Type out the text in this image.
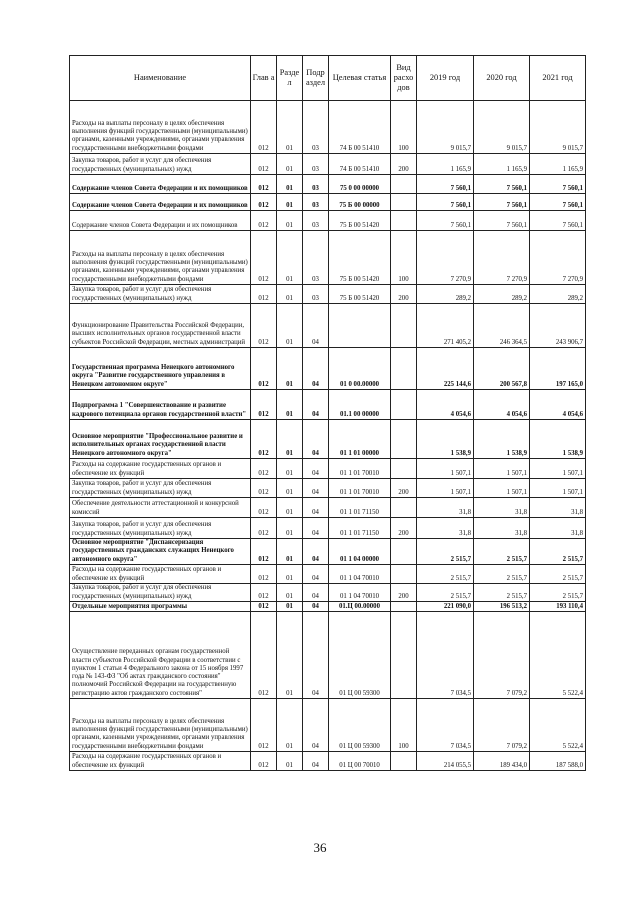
Наименование	Глав а	Разде л	Подр аздел	Целевая статья	Вид расхо дов	2019 год	2020 год	2021 год
Расходы на выплаты персоналу в целях обеспечения выполнения функций государственными (муниципальными) органами, казенными учреждениями, органами управления государственными внебюджетными фондами	012	01	03	74 Б 00 51410	100	9 015,7	9 015,7	9 015,7
Закупка товаров, работ и услуг для обеспечения государственных (муниципальных) нужд	012	01	03	74 Б 00 51410	200	1 165,9	1 165,9	1 165,9
Содержание членов Совета Федерации и их помощников	012	01	03	75 0 00 00000		7 560,1	7 560,1	7 560,1
Содержание членов Совета Федерации и их помощников	012	01	03	75 Б 00 00000		7 560,1	7 560,1	7 560,1
Содержание членов Совета Федерации и их помощников	012	01	03	75 Б 00 51420		7 560,1	7 560,1	7 560,1
Расходы на выплаты персоналу в целях обеспечения выполнения функций государственными (муниципальными) органами, казенными учреждениями, органами управления государственными внебюджетными фондами	012	01	03	75 Б 00 51420	100	7 270,9	7 270,9	7 270,9
Закупка товаров, работ и услуг для обеспечения государственных (муниципальных) нужд	012	01	03	75 Б 00 51420	200	289,2	289,2	289,2
Функционирование Правительства Российской Федерации, высших исполнительных органов государственной власти субъектов Российской Федерации, местных администраций	012	01	04			271 405,2	246 364,5	243 906,7
Государственная программа Ненецкого автономного округа "Развитие государственного управления в Ненецком автономном округе"	012	01	04	01 0 00.00000		225 144,6	200 567,8	197 165,0
Подпрограмма 1 "Совершенствование и развитие кадрового потенциала органов государственной власти"	012	01	04	01.1 00 00000		4 054,6	4 054,6	4 054,6
Основное мероприятие "Профессиональное развитие и исполнительных органах государственной власти Ненецкого автономного округа"	012	01	04	01 1 01 00000		1 538,9	1 538,9	1 538,9
Расходы на содержание государственных органов и обеспечение их функций	012	01	04	01 1 01 70010		1 507,1	1 507,1	1 507,1
Закупка товаров, работ и услуг для обеспечения государственных (муниципальных) нужд	012	01	04	01 1 01 70010	200	1 507,1	1 507,1	1 507,1
Обеспечение деятельности аттестационной и конкурсной комиссий	012	01	04	01 1 01 71150		31,8	31,8	31,8
Закупка товаров, работ и услуг для обеспечения государственных (муниципальных) нужд	012	01	04	01 1 01 71150	200	31,8	31,8	31,8
Основное мероприятие "Диспансеризация государственных гражданских служащих Ненецкого автономного округа"	012	01	04	01 1 04 00000		2 515,7	2 515,7	2 515,7
Расходы на содержание государственных органов и обеспечение их функций	012	01	04	01 1 04 70010		2 515,7	2 515,7	2 515,7
Закупка товаров, работ и услуг для обеспечения государственных (муниципальных) нужд	012	01	04	01 1 04 70010	200	2 515,7	2 515,7	2 515,7
Отдельные мероприятия программы	012	01	04	01.Ц 00.00000		221 090,0	196 513,2	193 110,4
Осуществление переданных органам государственной власти субъектов Российской Федерации в соответствии с пунктом 1 статьи 4 Федерального закона от 15 ноября 1997 года № 143-ФЗ "Об актах гражданского состояния" полномочий Российской Федерации на государственную регистрацию актов гражданского состояния"	012	01	04	01 Ц 00 59300		7 034,5	7 079,2	5 522,4
Расходы на выплаты персоналу в целях обеспечения выполнения функций государственными (муниципальными) органами, казенными учреждениями, органами управления государственными внебюджетными фондами	012	01	04	01 Ц 00 59300	100	7 034,5	7 079,2	5 522,4
Расходы на содержание государственных органов и обеспечение их функций	012	01	04	01 Ц 00 70010		214 055,5	189 434,0	187 588,0
36
